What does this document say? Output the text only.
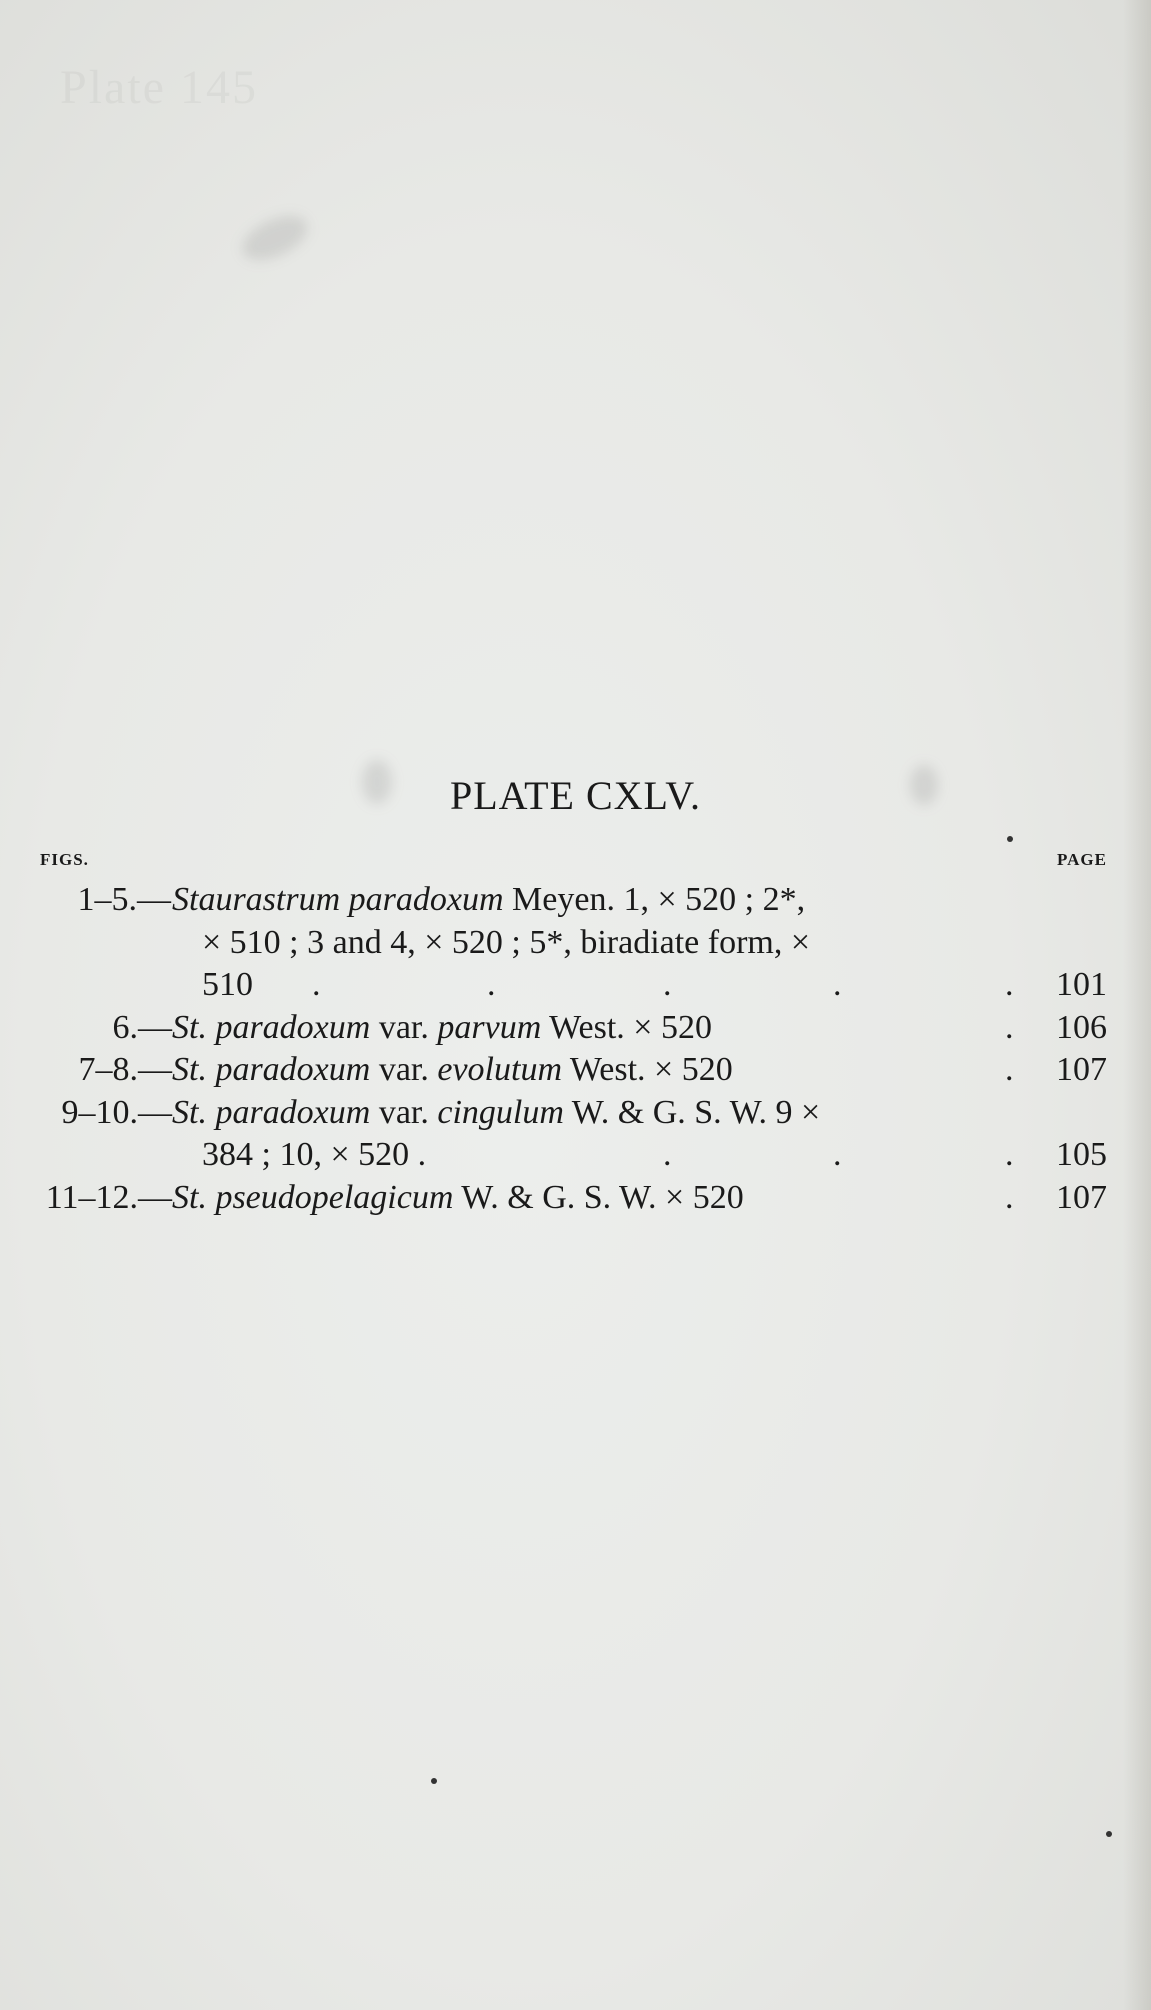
Plate 145
PLATE CXLV.
FIGS.	PAGE
1–5.— Staurastrum paradoxum Meyen. 1, × 520 ; 2*,
× 510 ; 3 and 4, × 520 ; 5*, biradiate form, ×
510 .	.	.	.	. 101
6.— St. paradoxum var. parvum West. × 520	. 106
7–8.— St. paradoxum var. evolutum West. × 520	. 107
9–10.— St. paradoxum var. cingulum W. & G. S. W. 9 ×
384 ; 10, × 520 .	.	.	. 105
11–12.— St. pseudopelagicum W. & G. S. W. × 520	. 107
